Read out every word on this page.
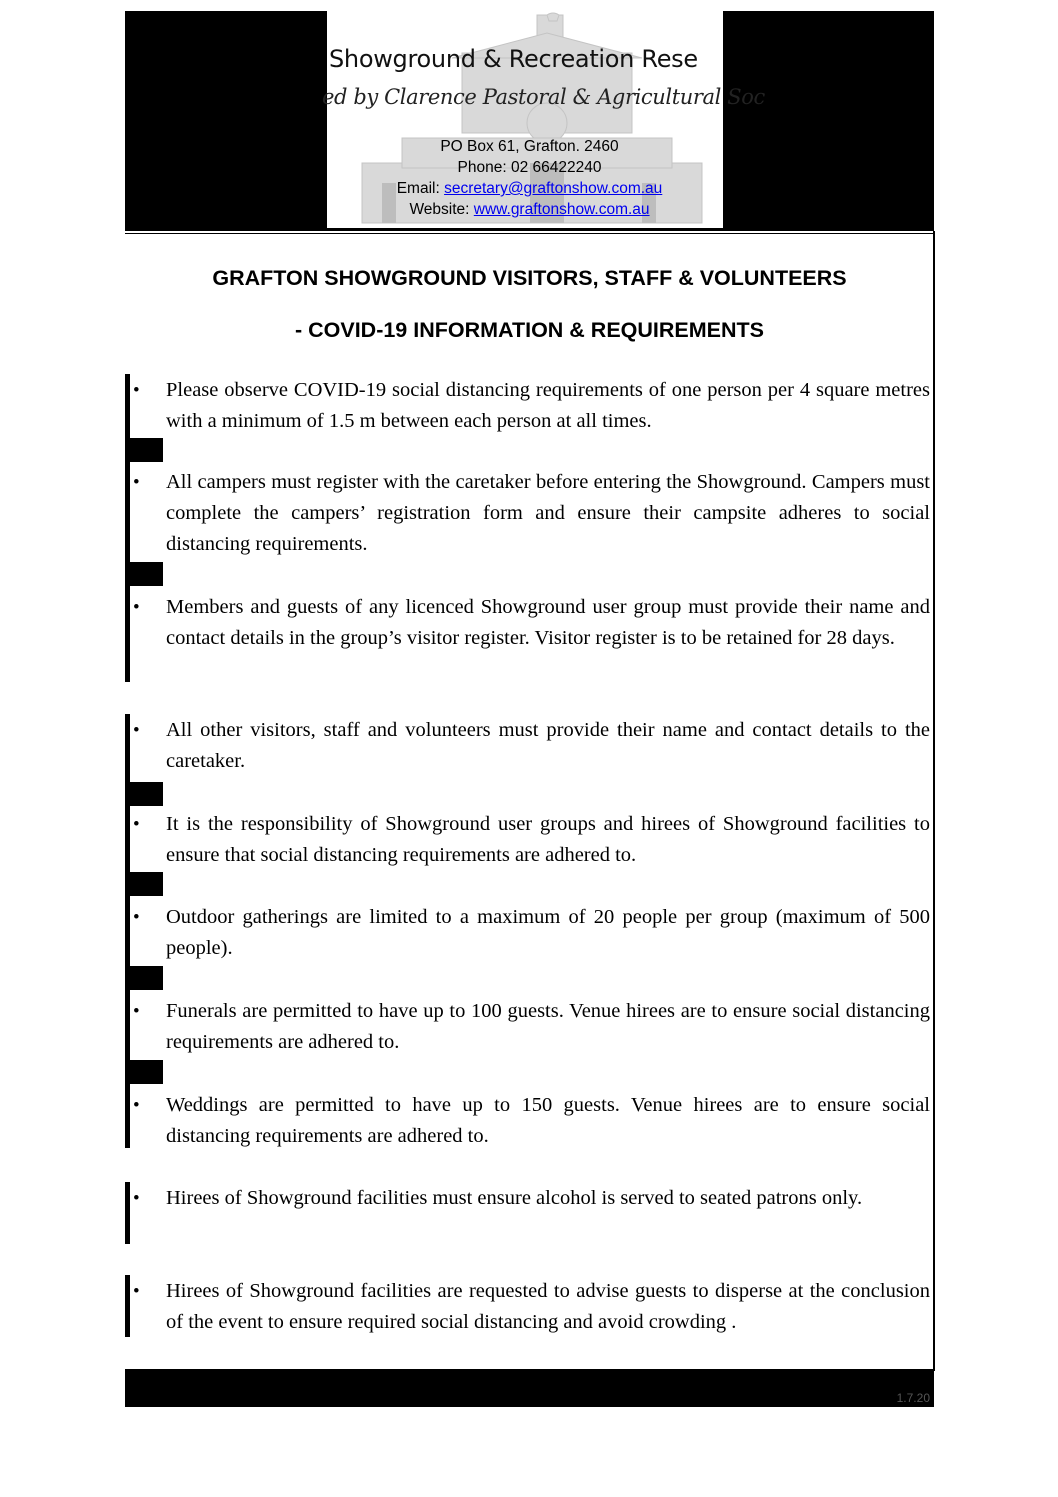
Showground & Recreation Rese
ed by Clarence Pastoral & Agricultural Soc
PO Box 61, Grafton. 2460
Phone: 02 66422240
Email: secretary@graftonshow.com.au
Website: www.graftonshow.com.au
GRAFTON SHOWGROUND VISITORS, STAFF & VOLUNTEERS
- COVID-19 INFORMATION & REQUIREMENTS
• Please observe COVID-19 social distancing requirements of one person per 4 square metres with a minimum of 1.5 m between each person at all times.
• All campers must register with the caretaker before entering the Showground. Campers must complete the campers’ registration form and ensure their campsite adheres to social distancing requirements.
• Members and guests of any licenced Showground user group must provide their name and contact details in the group’s visitor register. Visitor register is to be retained for 28 days.
• All other visitors, staff and volunteers must provide their name and contact details to the caretaker.
• It is the responsibility of Showground user groups and hirees of Showground facilities to ensure that social distancing requirements are adhered to.
• Outdoor gatherings are limited to a maximum of 20 people per group (maximum of 500 people).
• Funerals are permitted to have up to 100 guests. Venue hirees are to ensure social distancing requirements are adhered to.
• Weddings are permitted to have up to 150 guests. Venue hirees are to ensure social distancing requirements are adhered to.
• Hirees of Showground facilities must ensure alcohol is served to seated patrons only.
• Hirees of Showground facilities are requested to advise guests to disperse at the conclusion of the event to ensure required social distancing and avoid crowding .
1.7.20
